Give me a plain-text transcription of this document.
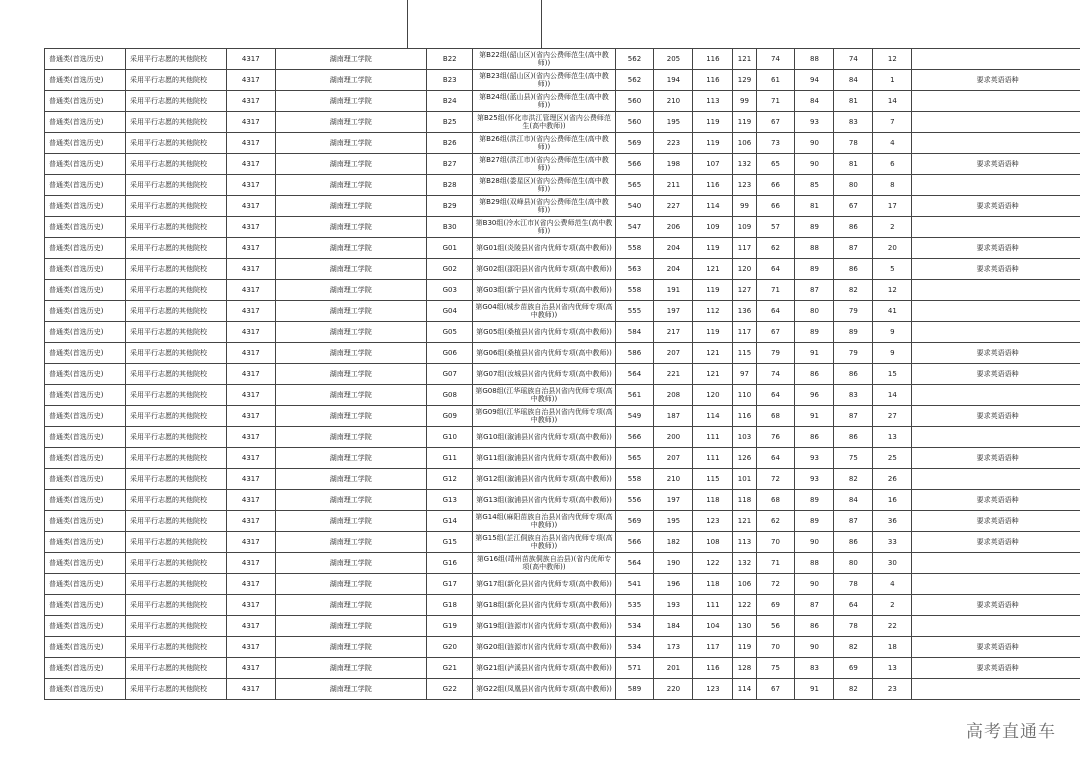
普通类(首选历史)	采用平行志愿的其他院校	4317	湖南理工学院	B22	第B22组(韶山区)(省内公费师范生(高中教师))	562	205	116	121	74	88	74	12	
普通类(首选历史)	采用平行志愿的其他院校	4317	湖南理工学院	B23	第B23组(韶山区)(省内公费师范生(高中教师))	562	194	116	129	61	94	84	1	要求英语语种
普通类(首选历史)	采用平行志愿的其他院校	4317	湖南理工学院	B24	第B24组(蓝山县)(省内公费师范生(高中教师))	560	210	113	99	71	84	81	14	
普通类(首选历史)	采用平行志愿的其他院校	4317	湖南理工学院	B25	第B25组(怀化市洪江管理区)(省内公费师范生(高中教师))	560	195	119	119	67	93	83	7	
普通类(首选历史)	采用平行志愿的其他院校	4317	湖南理工学院	B26	第B26组(洪江市)(省内公费师范生(高中教师))	569	223	119	106	73	90	78	4	
普通类(首选历史)	采用平行志愿的其他院校	4317	湖南理工学院	B27	第B27组(洪江市)(省内公费师范生(高中教师))	566	198	107	132	65	90	81	6	要求英语语种
普通类(首选历史)	采用平行志愿的其他院校	4317	湖南理工学院	B28	第B28组(娄星区)(省内公费师范生(高中教师))	565	211	116	123	66	85	80	8	
普通类(首选历史)	采用平行志愿的其他院校	4317	湖南理工学院	B29	第B29组(双峰县)(省内公费师范生(高中教师))	540	227	114	99	66	81	67	17	要求英语语种
普通类(首选历史)	采用平行志愿的其他院校	4317	湖南理工学院	B30	第B30组(冷水江市)(省内公费师范生(高中教师))	547	206	109	109	57	89	86	2	
普通类(首选历史)	采用平行志愿的其他院校	4317	湖南理工学院	G01	第G01组(炎陵县)(省内优师专项(高中教师))	558	204	119	117	62	88	87	20	要求英语语种
普通类(首选历史)	采用平行志愿的其他院校	4317	湖南理工学院	G02	第G02组(邵阳县)(省内优师专项(高中教师))	563	204	121	120	64	89	86	5	要求英语语种
普通类(首选历史)	采用平行志愿的其他院校	4317	湖南理工学院	G03	第G03组(新宁县)(省内优师专项(高中教师))	558	191	119	127	71	87	82	12	
普通类(首选历史)	采用平行志愿的其他院校	4317	湖南理工学院	G04	第G04组(城步苗族自治县)(省内优师专项(高中教师))	555	197	112	136	64	80	79	41	
普通类(首选历史)	采用平行志愿的其他院校	4317	湖南理工学院	G05	第G05组(桑植县)(省内优师专项(高中教师))	584	217	119	117	67	89	89	9	
普通类(首选历史)	采用平行志愿的其他院校	4317	湖南理工学院	G06	第G06组(桑植县)(省内优师专项(高中教师))	586	207	121	115	79	91	79	9	要求英语语种
普通类(首选历史)	采用平行志愿的其他院校	4317	湖南理工学院	G07	第G07组(汝城县)(省内优师专项(高中教师))	564	221	121	97	74	86	86	15	要求英语语种
普通类(首选历史)	采用平行志愿的其他院校	4317	湖南理工学院	G08	第G08组(江华瑶族自治县)(省内优师专项(高中教师))	561	208	120	110	64	96	83	14	
普通类(首选历史)	采用平行志愿的其他院校	4317	湖南理工学院	G09	第G09组(江华瑶族自治县)(省内优师专项(高中教师))	549	187	114	116	68	91	87	27	要求英语语种
普通类(首选历史)	采用平行志愿的其他院校	4317	湖南理工学院	G10	第G10组(溆浦县)(省内优师专项(高中教师))	566	200	111	103	76	86	86	13	
普通类(首选历史)	采用平行志愿的其他院校	4317	湖南理工学院	G11	第G11组(溆浦县)(省内优师专项(高中教师))	565	207	111	126	64	93	75	25	要求英语语种
普通类(首选历史)	采用平行志愿的其他院校	4317	湖南理工学院	G12	第G12组(溆浦县)(省内优师专项(高中教师))	558	210	115	101	72	93	82	26	
普通类(首选历史)	采用平行志愿的其他院校	4317	湖南理工学院	G13	第G13组(溆浦县)(省内优师专项(高中教师))	556	197	118	118	68	89	84	16	要求英语语种
普通类(首选历史)	采用平行志愿的其他院校	4317	湖南理工学院	G14	第G14组(麻阳苗族自治县)(省内优师专项(高中教师))	569	195	123	121	62	89	87	36	要求英语语种
普通类(首选历史)	采用平行志愿的其他院校	4317	湖南理工学院	G15	第G15组(芷江侗族自治县)(省内优师专项(高中教师))	566	182	108	113	70	90	86	33	要求英语语种
普通类(首选历史)	采用平行志愿的其他院校	4317	湖南理工学院	G16	第G16组(靖州苗族侗族自治县)(省内优师专项(高中教师))	564	190	122	132	71	88	80	30	
普通类(首选历史)	采用平行志愿的其他院校	4317	湖南理工学院	G17	第G17组(新化县)(省内优师专项(高中教师))	541	196	118	106	72	90	78	4	
普通类(首选历史)	采用平行志愿的其他院校	4317	湖南理工学院	G18	第G18组(新化县)(省内优师专项(高中教师))	535	193	111	122	69	87	64	2	要求英语语种
普通类(首选历史)	采用平行志愿的其他院校	4317	湖南理工学院	G19	第G19组(涟源市)(省内优师专项(高中教师))	534	184	104	130	56	86	78	22	
普通类(首选历史)	采用平行志愿的其他院校	4317	湖南理工学院	G20	第G20组(涟源市)(省内优师专项(高中教师))	534	173	117	119	70	90	82	18	要求英语语种
普通类(首选历史)	采用平行志愿的其他院校	4317	湖南理工学院	G21	第G21组(泸溪县)(省内优师专项(高中教师))	571	201	116	128	75	83	69	13	要求英语语种
普通类(首选历史)	采用平行志愿的其他院校	4317	湖南理工学院	G22	第G22组(凤凰县)(省内优师专项(高中教师))	589	220	123	114	67	91	82	23	
高考直通车
